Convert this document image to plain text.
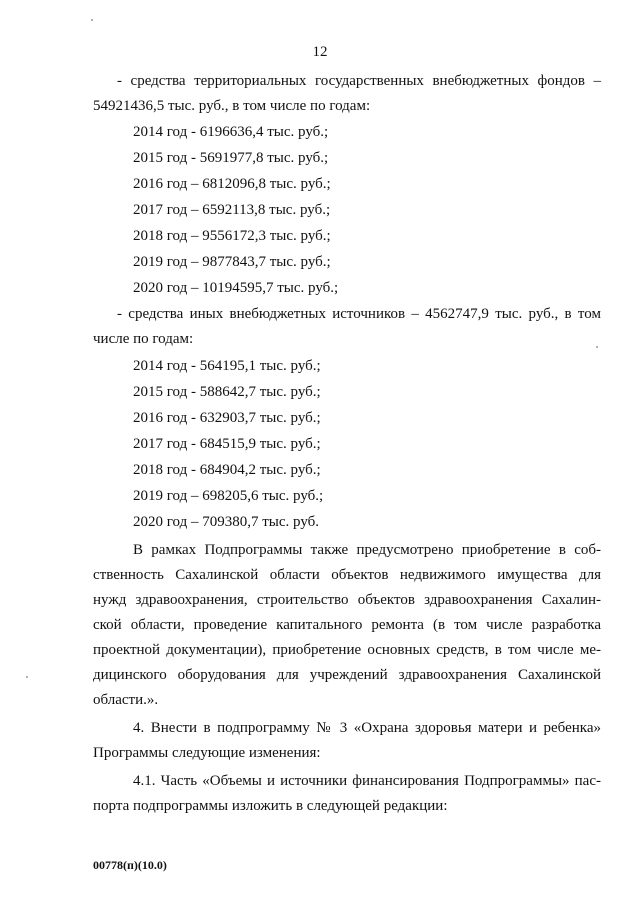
12
- средства территориальных государственных внебюджетных фондов –
54921436,5 тыс. руб., в том числе по годам:
2014 год - 6196636,4 тыс. руб.;
2015 год - 5691977,8 тыс. руб.;
2016 год – 6812096,8 тыс. руб.;
2017 год – 6592113,8 тыс. руб.;
2018 год – 9556172,3 тыс. руб.;
2019 год – 9877843,7 тыс. руб.;
2020 год – 10194595,7 тыс. руб.;
- средства иных внебюджетных источников – 4562747,9 тыс. руб., в том
числе по годам:
2014 год - 564195,1 тыс. руб.;
2015 год - 588642,7 тыс. руб.;
2016 год - 632903,7 тыс. руб.;
2017 год - 684515,9 тыс. руб.;
2018 год - 684904,2 тыс. руб.;
2019 год – 698205,6 тыс. руб.;
2020 год – 709380,7 тыс. руб.
В рамках Подпрограммы также предусмотрено приобретение в соб-
ственность Сахалинской области объектов недвижимого имущества для
нужд здравоохранения, строительство объектов здравоохранения Сахалин-
ской области, проведение капитального ремонта (в том числе разработка
проектной документации), приобретение основных средств, в том числе ме-
дицинского оборудования для учреждений здравоохранения Сахалинской
области.».
4. Внести в подпрограмму № 3 «Охрана здоровья матери и ребенка»
Программы следующие изменения:
4.1. Часть «Объемы и источники финансирования Подпрограммы» пас-
порта подпрограммы изложить в следующей редакции:
00778(п)(10.0)
